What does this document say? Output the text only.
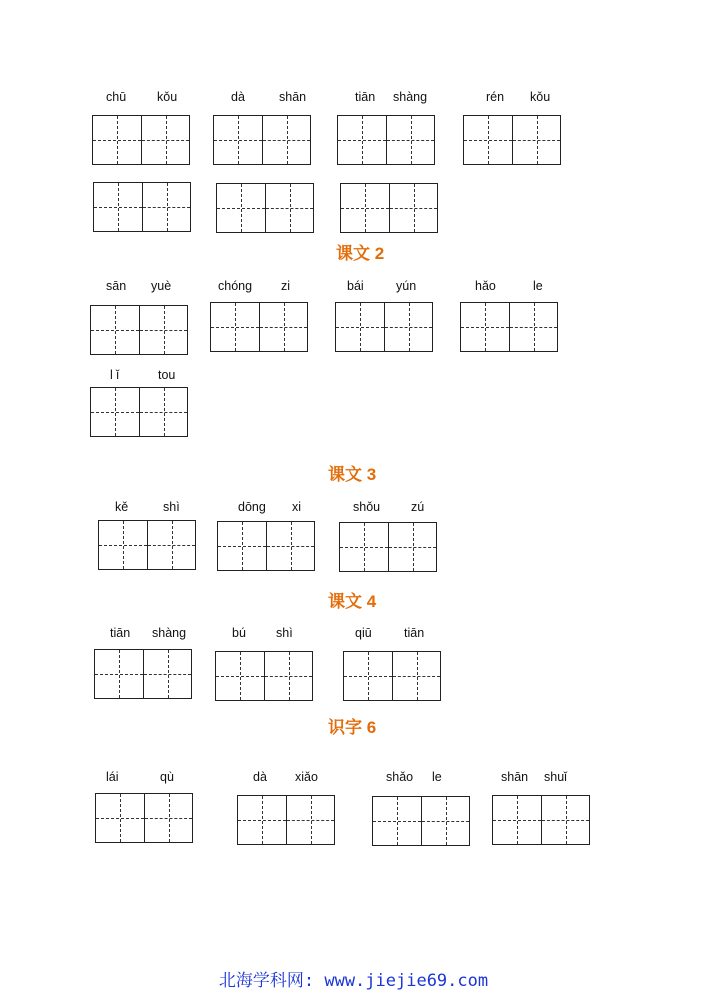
课文 2
课文 3
课文 4
识字 6
chū kǒu	dà	shān	tiān shàng	rén kǒu
sān yuè	chóng zi	bái	yún	hǎo	le
l ǐ	tou
kě	shì	dōng xi	shǒu zú
tiān shàng	bú shì	qiū	tiān
lái	qù	dà xiǎo	shǎo le	shān shuǐ
北海学科网: www.jiejie69.com
